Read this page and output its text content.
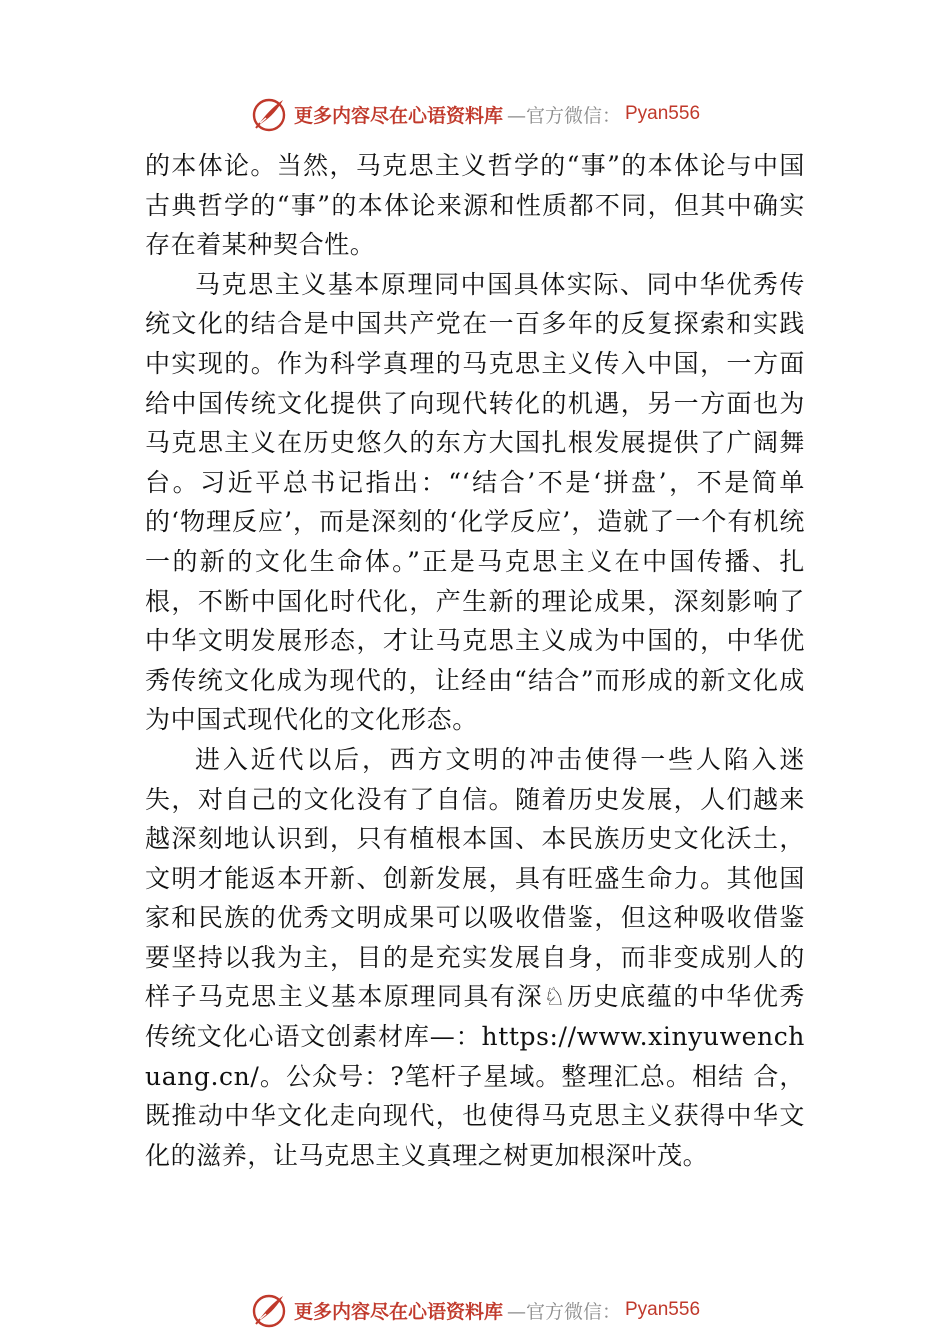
更多内容尽在心语资料库 —官方微信： Pyan556

的本体论。当然，马克思主义哲学的“事”的本体论与中国古典哲学的“事”的本体论来源和性质都不同，但其中确实存在着某种契合性。

马克思主义基本原理同中国具体实际、同中华优秀传统文化的结合是中国共产党在一百多年的反复探索和实践中实现的。作为科学真理的马克思主义传入中国，一方面给中国传统文化提供了向现代转化的机遇，另一方面也为马克思主义在历史悠久的东方大国扎根发展提供了广阔舞台。习近平总书记指出：“‘结合’不是‘拼盘’，不是简单的‘物理反应’，而是深刻的‘化学反应’，造就了一个有机统一的新的文化生命体。”正是马克思主义在中国传播、扎根，不断中国化时代化，产生新的理论成果，深刻影响了中华文明发展形态，才让马克思主义成为中国的，中华优秀传统文化成为现代的，让经由“结合”而形成的新文化成为中国式现代化的文化形态。

进入近代以后，西方文明的冲击使得一些人陷入迷失，对自己的文化没有了自信。随着历史发展，人们越来越深刻地认识到，只有植根本国、本民族历史文化沃土，文明才能返本开新、创新发展，具有旺盛生命力。其他国家和民族的优秀文明成果可以吸收借鉴，但这种吸收借鉴要坚持以我为主，目的是充实发展自身，而非变成别人的样子马克思主义基本原理同具有深♘历史底蕴的中华优秀传统文化心语文创素材库—：https://www.xinyuwenchuang.cn/。公众号：?笔杆子星域。整理汇总。相结 合，既推动中华文化走向现代，也使得马克思主义获得中华文化的滋养，让马克思主义真理之树更加根深叶茂。

更多内容尽在心语资料库 —官方微信： Pyan556
